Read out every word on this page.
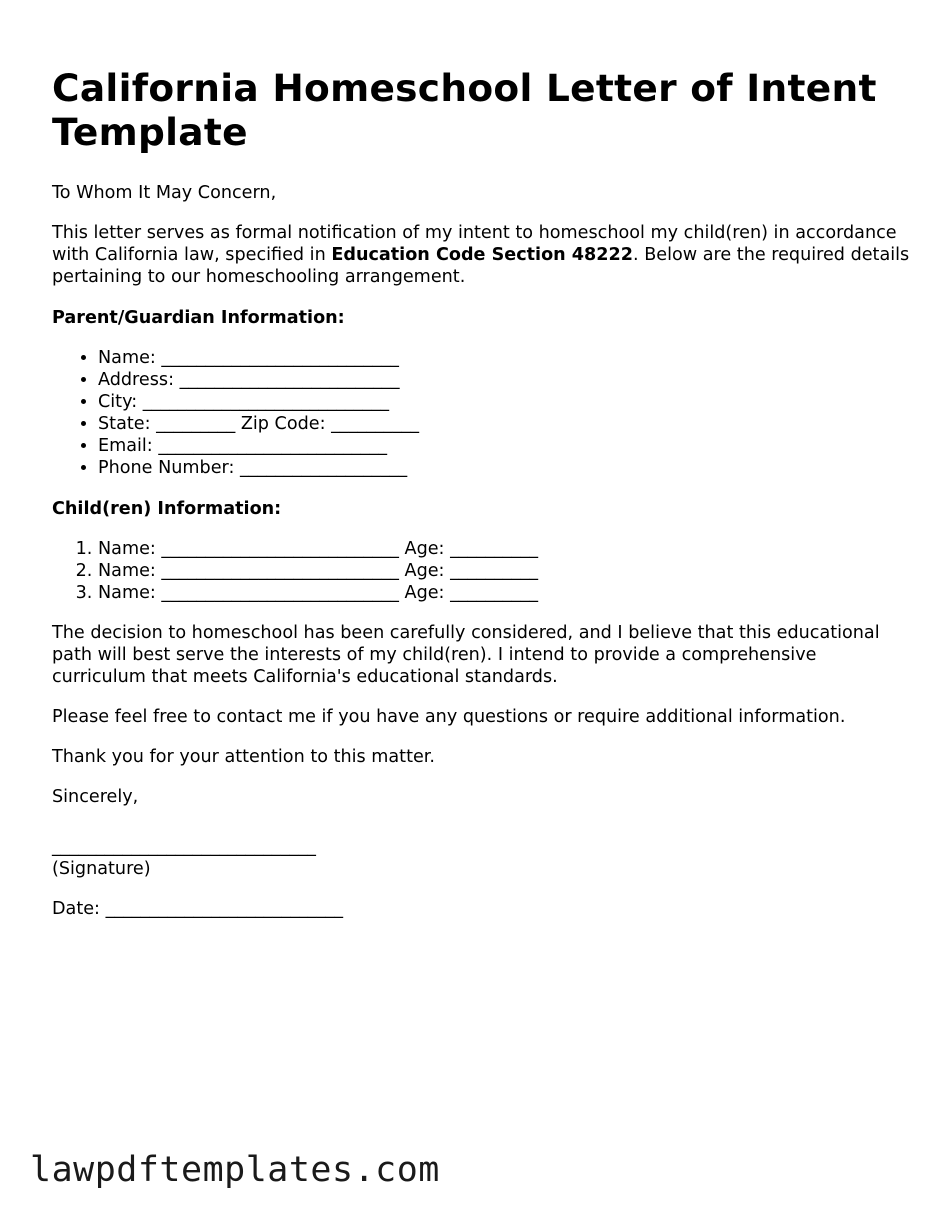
California Homeschool Letter of Intent Template

To Whom It May Concern,

This letter serves as formal notification of my intent to homeschool my child(ren) in accordance with California law, specified in Education Code Section 48222. Below are the required details pertaining to our homeschooling arrangement.

Parent/Guardian Information:

• Name: ___________________________
• Address: _________________________
• City: ____________________________
• State: _________ Zip Code: __________
• Email: __________________________
• Phone Number: ___________________

Child(ren) Information:

1. Name: ___________________________ Age: __________
2. Name: ___________________________ Age: __________
3. Name: ___________________________ Age: __________

The decision to homeschool has been carefully considered, and I believe that this educational path will best serve the interests of my child(ren). I intend to provide a comprehensive curriculum that meets California's educational standards.

Please feel free to contact me if you have any questions or require additional information.

Thank you for your attention to this matter.

Sincerely,

______________________________

(Signature)

Date: ___________________________

lawpdftemplates.com
